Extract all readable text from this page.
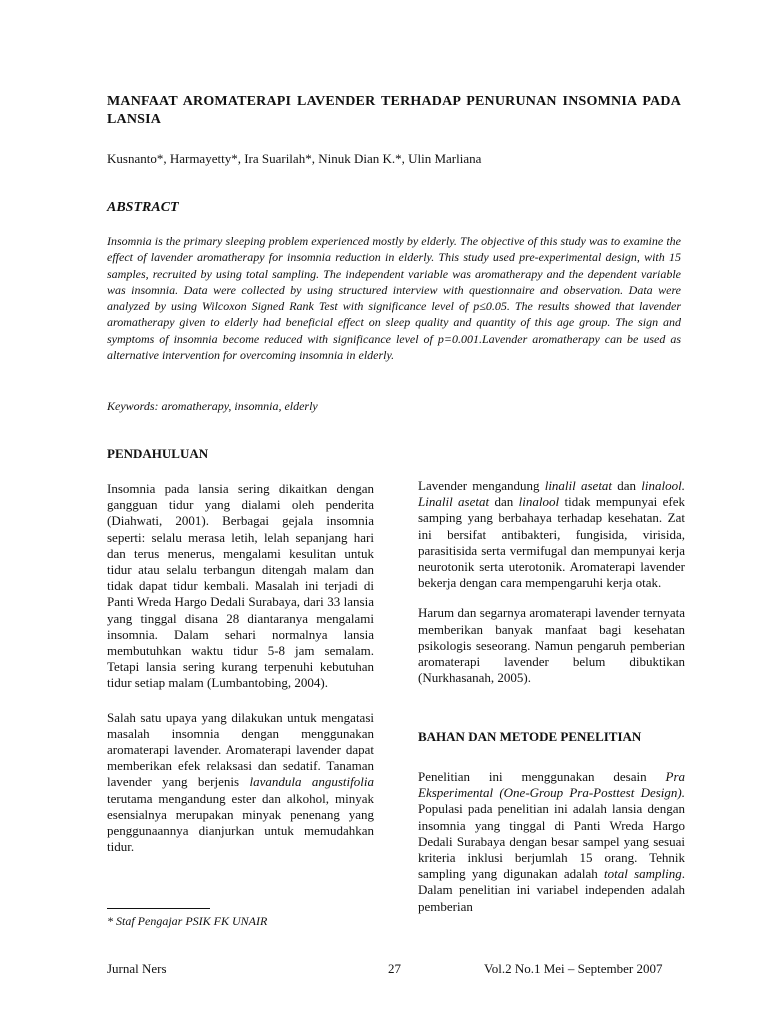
MANFAAT AROMATERAPI LAVENDER TERHADAP PENURUNAN INSOMNIA PADA LANSIA
Kusnanto*, Harmayetty*, Ira Suarilah*, Ninuk Dian K.*, Ulin Marliana
ABSTRACT
Insomnia is the primary sleeping problem experienced mostly by elderly. The objective of this study was to examine the effect of lavender aromatherapy for insomnia reduction in elderly. This study used pre-experimental design, with 15 samples, recruited by using total sampling. The independent variable was aromatherapy and the dependent variable was insomnia. Data were collected by using structured interview with questionnaire and observation. Data were analyzed by using Wilcoxon Signed Rank Test with significance level of p≤0.05. The results showed that lavender aromatherapy given to elderly had beneficial effect on sleep quality and quantity of this age group. The sign and symptoms of insomnia become reduced with significance level of p=0.001.Lavender aromatherapy can be used as alternative intervention for overcoming insomnia in elderly.
Keywords: aromatherapy, insomnia, elderly
PENDAHULUAN

Insomnia pada lansia sering dikaitkan dengan gangguan tidur yang dialami oleh penderita (Diahwati, 2001). Berbagai gejala insomnia seperti: selalu merasa letih, lelah sepanjang hari dan terus menerus, mengalami kesulitan untuk tidur atau selalu terbangun ditengah malam dan tidak dapat tidur kembali. Masalah ini terjadi di Panti Wreda Hargo Dedali Surabaya, dari 33 lansia yang tinggal disana 28 diantaranya mengalami insomnia. Dalam sehari normalnya lansia membutuhkan waktu tidur 5-8 jam semalam. Tetapi lansia sering kurang terpenuhi kebutuhan tidur setiap malam (Lumbantobing, 2004).

Salah satu upaya yang dilakukan untuk mengatasi masalah insomnia dengan menggunakan aromaterapi lavender. Aromaterapi lavender dapat memberikan efek relaksasi dan sedatif. Tanaman lavender yang berjenis lavandula angustifolia terutama mengandung ester dan alkohol, minyak esensialnya merupakan minyak penenang yang penggunaannya dianjurkan untuk memudahkan tidur.

Lavender mengandung linalil asetat dan linalool. Linalil asetat dan linalool tidak mempunyai efek samping yang berbahaya terhadap kesehatan. Zat ini bersifat antibakteri, fungisida, virisida, parasitisida serta vermifugal dan mempunyai kerja neurotonik serta uterotonik. Aromaterapi lavender bekerja dengan cara mempengaruhi kerja otak.

Harum dan segarnya aromaterapi lavender ternyata memberikan banyak manfaat bagi kesehatan psikologis seseorang. Namun pengaruh pemberian aromaterapi lavender belum dibuktikan (Nurkhasanah, 2005).

BAHAN DAN METODE PENELITIAN

Penelitian ini menggunakan desain Pra Eksperimental (One-Group Pra-Posttest Design). Populasi pada penelitian ini adalah lansia dengan insomnia yang tinggal di Panti Wreda Hargo Dedali Surabaya dengan besar sampel yang sesuai kriteria inklusi berjumlah 15 orang. Tehnik sampling yang digunakan adalah total sampling. Dalam penelitian ini variabel independen adalah pemberian

* Staf Pengajar PSIK FK UNAIR
Jurnal Ners	27	Vol.2 No.1 Mei – September 2007
